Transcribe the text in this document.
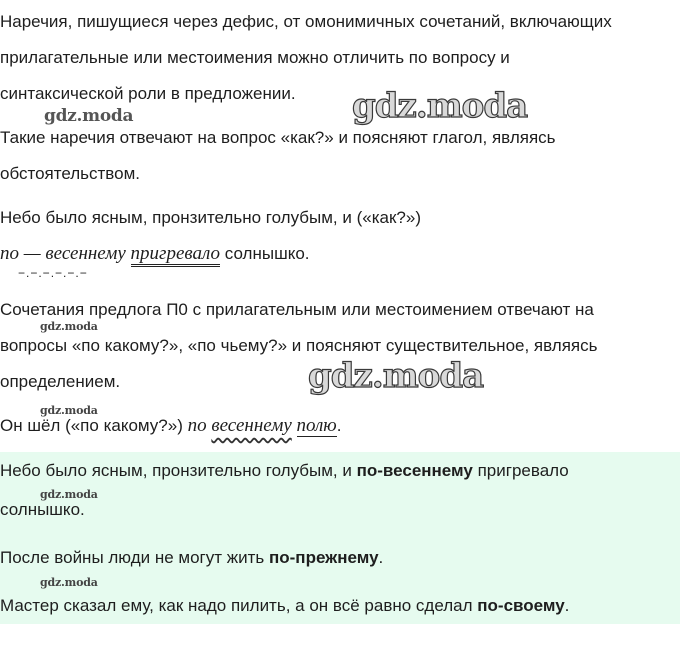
Наречия, пишущиеся через дефис, от омонимичных сочетаний, включающих
прилагательные или местоимения можно отличить по вопросу и
синтаксической роли в предложении.
gdz.moda	gdz.moda
Такие наречия отвечают на вопрос «как?» и поясняют глагол, являясь
обстоятельством.
Небо было ясным, пронзительно голубым, и («как?»)
по — весеннему пригревало солнышко.
−.−.−.−.−.−
Сочетания предлога П0 с прилагательным или местоимением отвечают на
gdz.moda
вопросы «по какому?», «по чьему?» и поясняют существительное, являясь
определением.	gdz.moda
gdz.moda
Он шёл («по какому?») по весеннему полю.
Небо было ясным, пронзительно голубым, и по-весеннему пригревало
gdz.moda
солнышко.
После войны люди не могут жить по-прежнему.
gdz.moda
Мастер сказал ему, как надо пилить, а он всё равно сделал по-своему.
